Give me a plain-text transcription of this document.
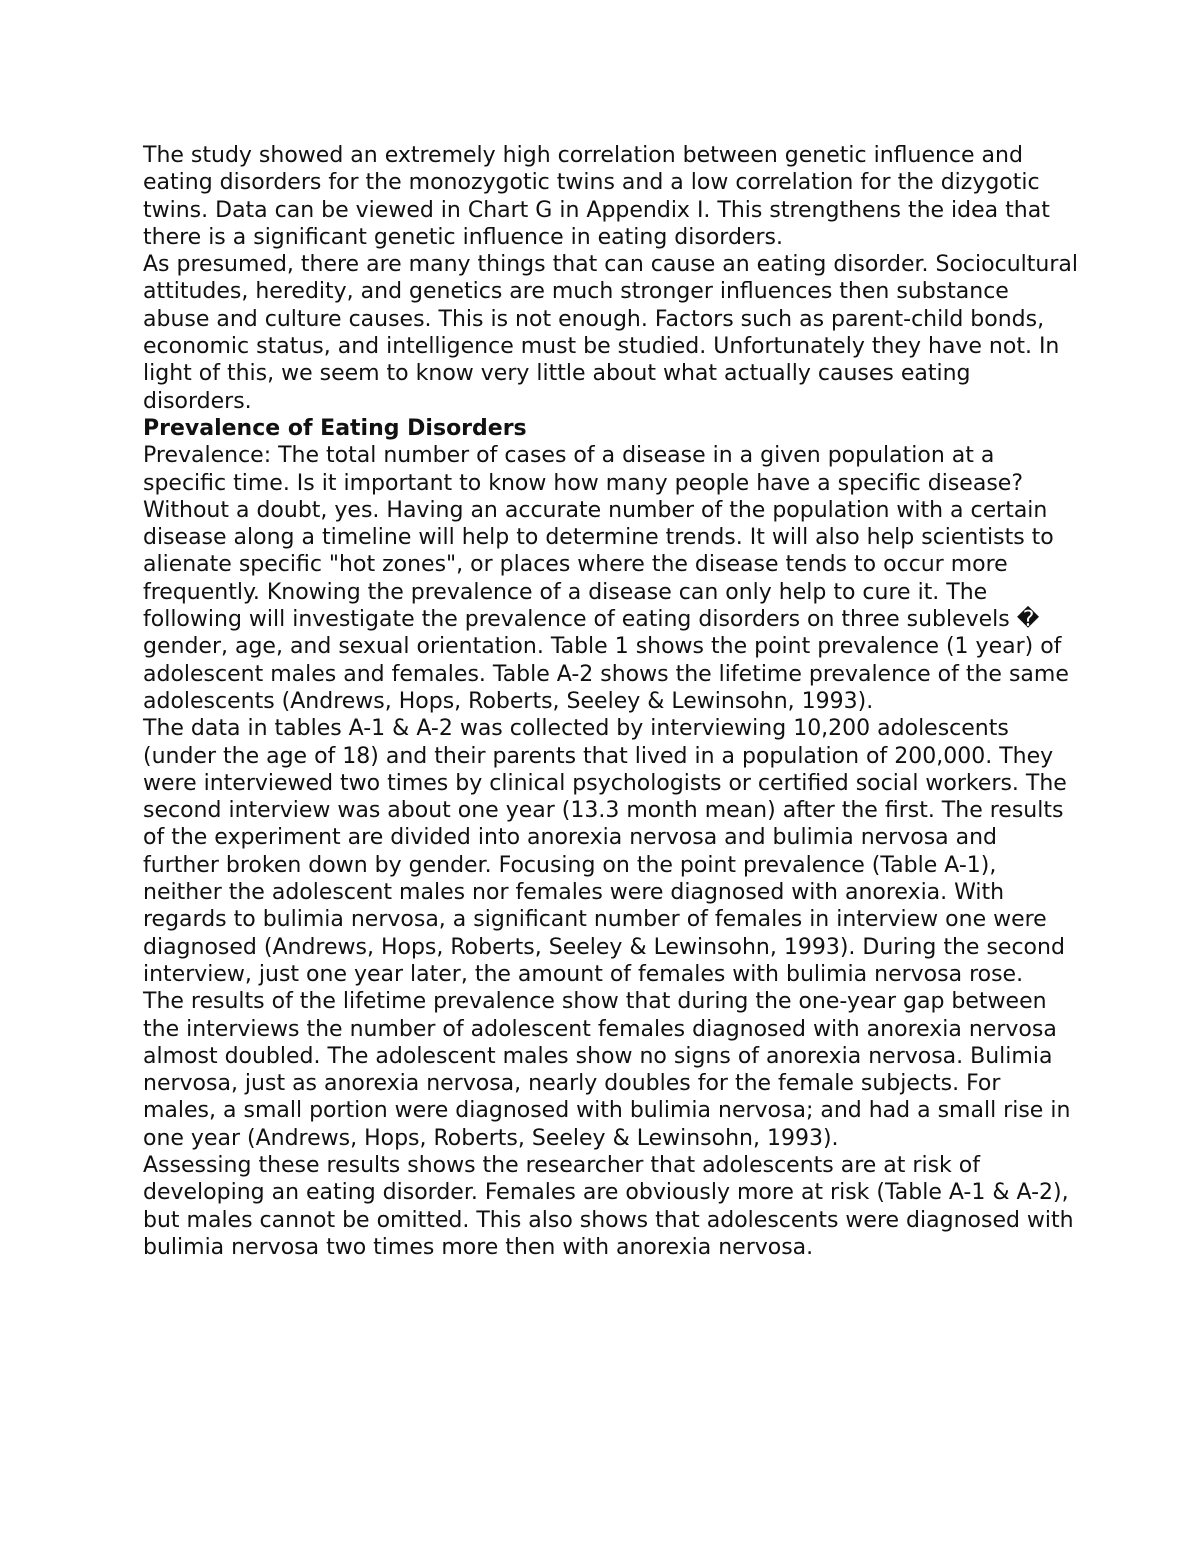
The study showed an extremely high correlation between genetic influence and eating disorders for the monozygotic twins and a low correlation for the dizygotic twins. Data can be viewed in Chart G in Appendix I. This strengthens the idea that there is a significant genetic influence in eating disorders.

As presumed, there are many things that can cause an eating disorder. Sociocultural attitudes, heredity, and genetics are much stronger influences then substance abuse and culture causes. This is not enough. Factors such as parent-child bonds, economic status, and intelligence must be studied. Unfortunately they have not. In light of this, we seem to know very little about what actually causes eating disorders.

Prevalence of Eating Disorders

Prevalence: The total number of cases of a disease in a given population at a specific time. Is it important to know how many people have a specific disease? Without a doubt, yes. Having an accurate number of the population with a certain disease along a timeline will help to determine trends. It will also help scientists to alienate specific "hot zones", or places where the disease tends to occur more frequently. Knowing the prevalence of a disease can only help to cure it. The following will investigate the prevalence of eating disorders on three sublevels � gender, age, and sexual orientation. Table 1 shows the point prevalence (1 year) of adolescent males and females. Table A-2 shows the lifetime prevalence of the same adolescents (Andrews, Hops, Roberts, Seeley & Lewinsohn, 1993).

The data in tables A-1 & A-2 was collected by interviewing 10,200 adolescents (under the age of 18) and their parents that lived in a population of 200,000. They were interviewed two times by clinical psychologists or certified social workers. The second interview was about one year (13.3 month mean) after the first. The results of the experiment are divided into anorexia nervosa and bulimia nervosa and further broken down by gender. Focusing on the point prevalence (Table A-1), neither the adolescent males nor females were diagnosed with anorexia. With regards to bulimia nervosa, a significant number of females in interview one were diagnosed (Andrews, Hops, Roberts, Seeley & Lewinsohn, 1993). During the second interview, just one year later, the amount of females with bulimia nervosa rose.

The results of the lifetime prevalence show that during the one-year gap between the interviews the number of adolescent females diagnosed with anorexia nervosa almost doubled. The adolescent males show no signs of anorexia nervosa. Bulimia nervosa, just as anorexia nervosa, nearly doubles for the female subjects. For males, a small portion were diagnosed with bulimia nervosa; and had a small rise in one year (Andrews, Hops, Roberts, Seeley & Lewinsohn, 1993).

Assessing these results shows the researcher that adolescents are at risk of developing an eating disorder. Females are obviously more at risk (Table A-1 & A-2), but males cannot be omitted. This also shows that adolescents were diagnosed with bulimia nervosa two times more then with anorexia nervosa.
